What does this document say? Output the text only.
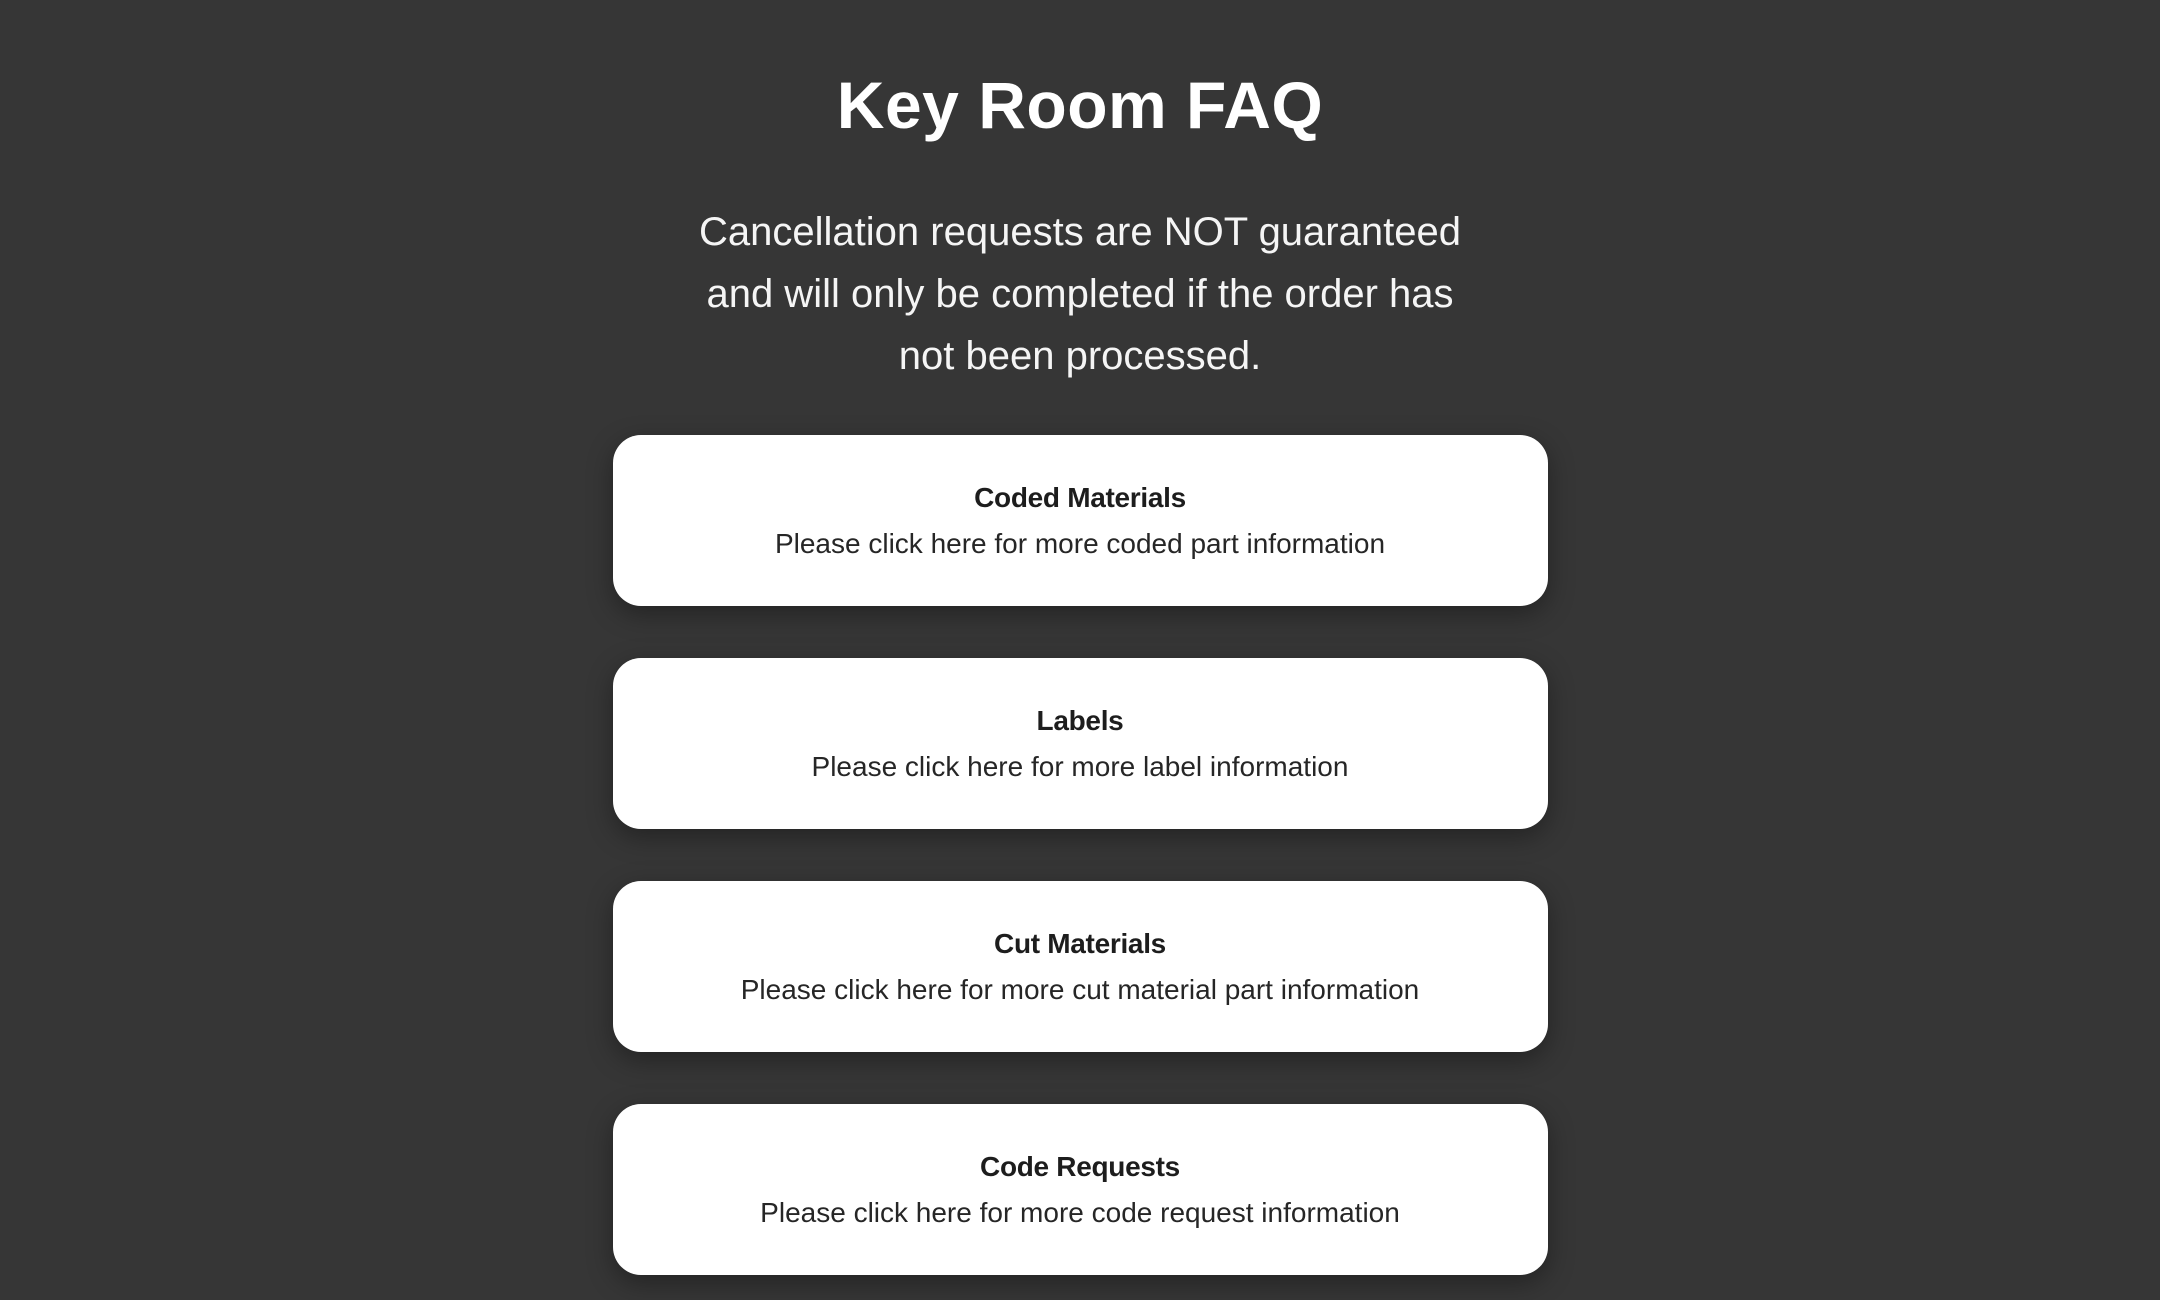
Key Room FAQ
Cancellation requests are NOT guaranteed
and will only be completed if the order has
not been processed.
Coded Materials
Please click here for more coded part information
Labels
Please click here for more label information
Cut Materials
Please click here for more cut material part information
Code Requests
Please click here for more code request information
